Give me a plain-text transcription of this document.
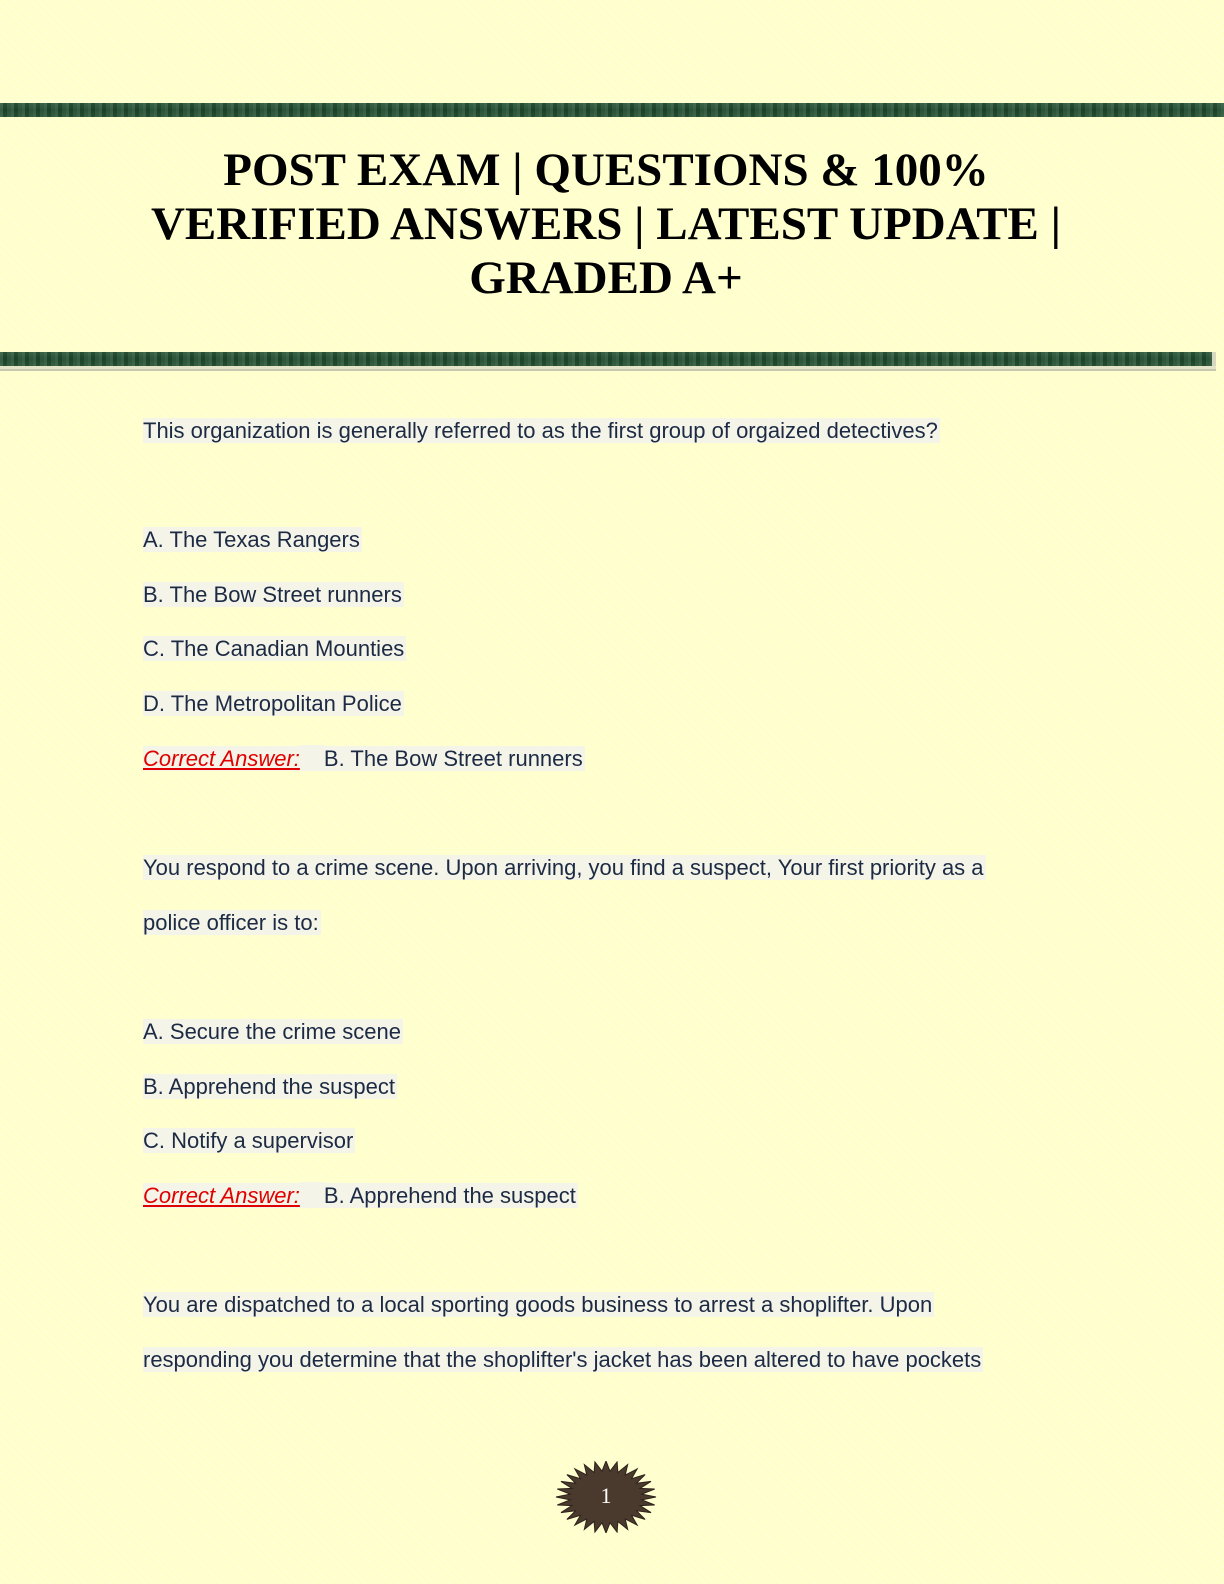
POST EXAM | QUESTIONS & 100%
VERIFIED ANSWERS | LATEST UPDATE |
GRADED A+
This organization is generally referred to as the first group of orgaized detectives?
A. The Texas Rangers
B. The Bow Street runners
C. The Canadian Mounties
D. The Metropolitan Police
Correct Answer: B. The Bow Street runners
You respond to a crime scene. Upon arriving, you find a suspect, Your first priority as a
police officer is to:
A. Secure the crime scene
B. Apprehend the suspect
C. Notify a supervisor
Correct Answer: B. Apprehend the suspect
You are dispatched to a local sporting goods business to arrest a shoplifter. Upon
responding you determine that the shoplifter's jacket has been altered to have pockets
1
